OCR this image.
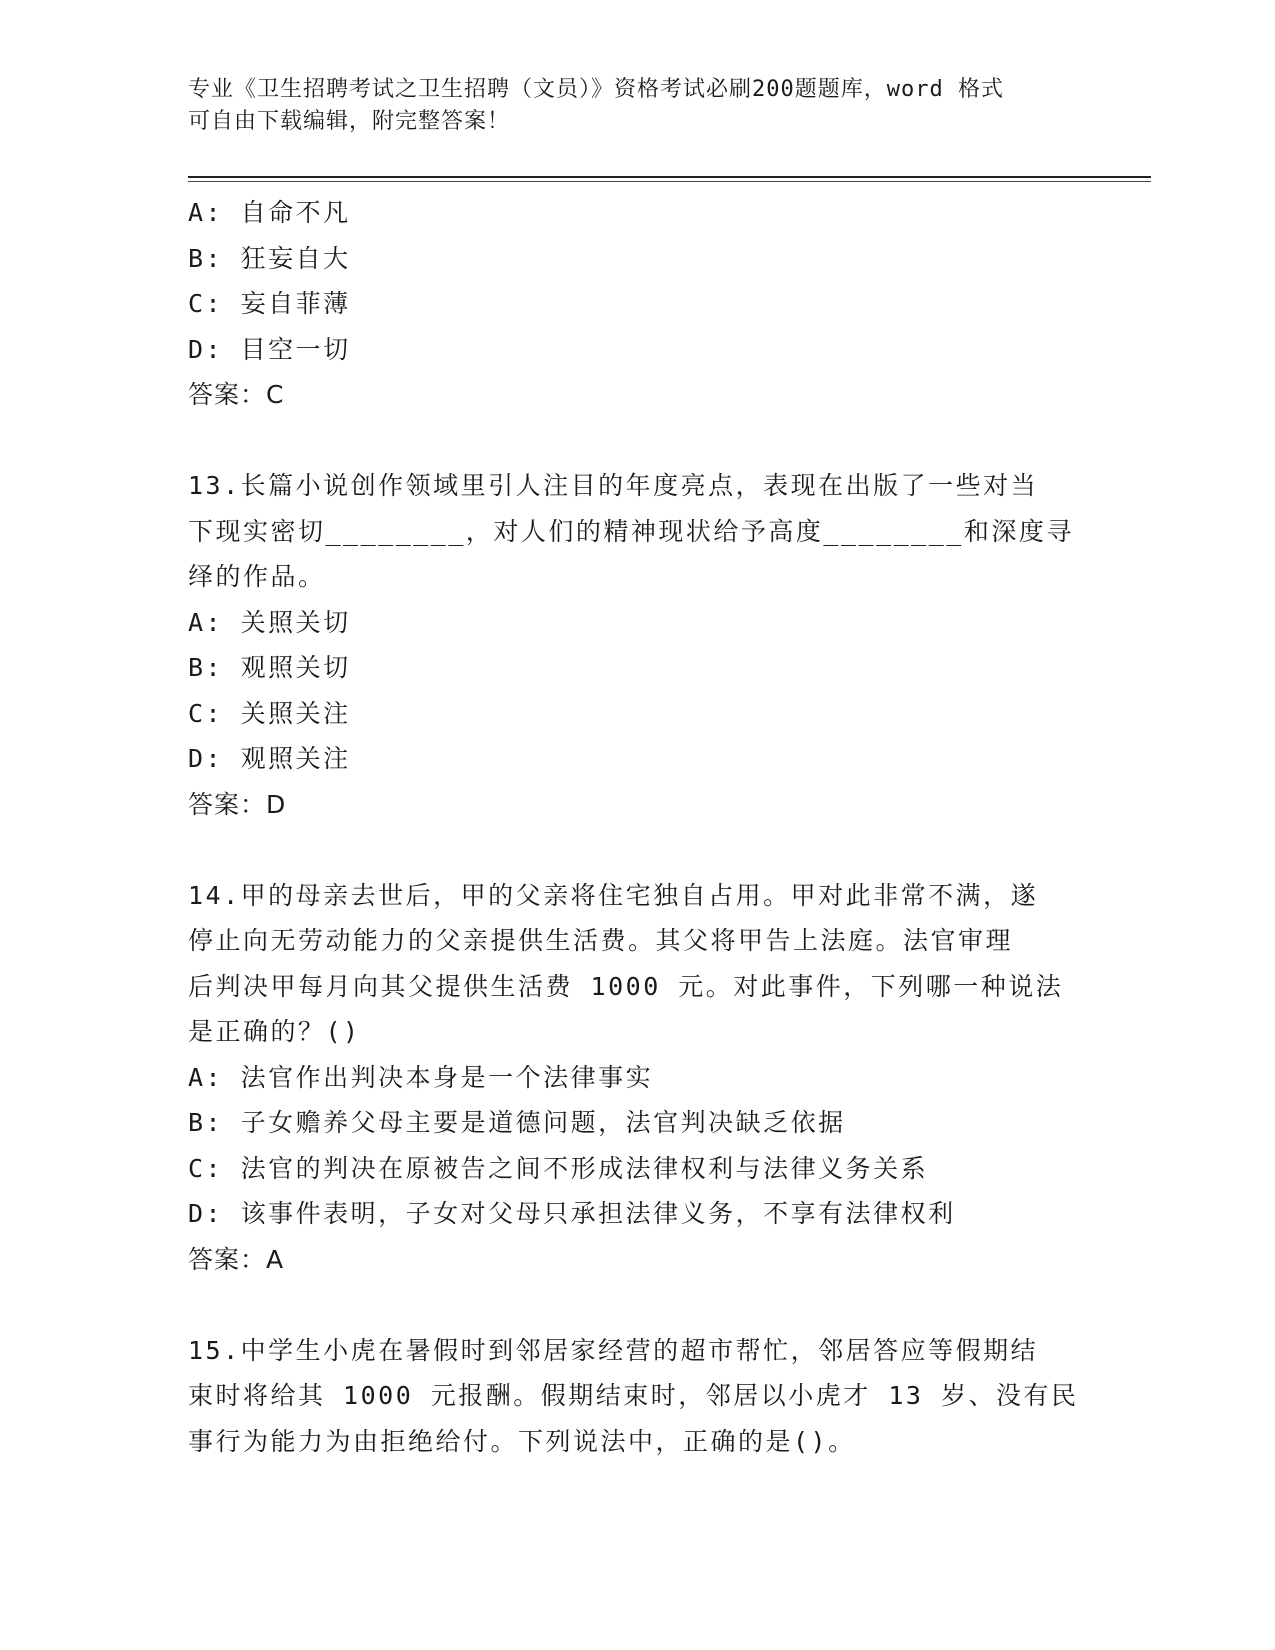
专业《卫生招聘考试之卫生招聘（文员）》资格考试必刷200题题库，word 格式
可自由下载编辑，附完整答案！
A: 自命不凡
B: 狂妄自大
C: 妄自菲薄
D: 目空一切
答案：C
13.长篇小说创作领域里引人注目的年度亮点，表现在出版了一些对当
下现实密切________，对人们的精神现状给予高度________和深度寻
绎的作品。
A: 关照关切
B: 观照关切
C: 关照关注
D: 观照关注
答案：D
14.甲的母亲去世后，甲的父亲将住宅独自占用。甲对此非常不满，遂
停止向无劳动能力的父亲提供生活费。其父将甲告上法庭。法官审理
后判决甲每月向其父提供生活费 1000 元。对此事件，下列哪一种说法
是正确的？()
A: 法官作出判决本身是一个法律事实
B: 子女赡养父母主要是道德问题，法官判决缺乏依据
C: 法官的判决在原被告之间不形成法律权利与法律义务关系
D: 该事件表明，子女对父母只承担法律义务，不享有法律权利
答案：A
15.中学生小虎在暑假时到邻居家经营的超市帮忙，邻居答应等假期结
束时将给其 1000 元报酬。假期结束时，邻居以小虎才 13 岁、没有民
事行为能力为由拒绝给付。下列说法中，正确的是()。
